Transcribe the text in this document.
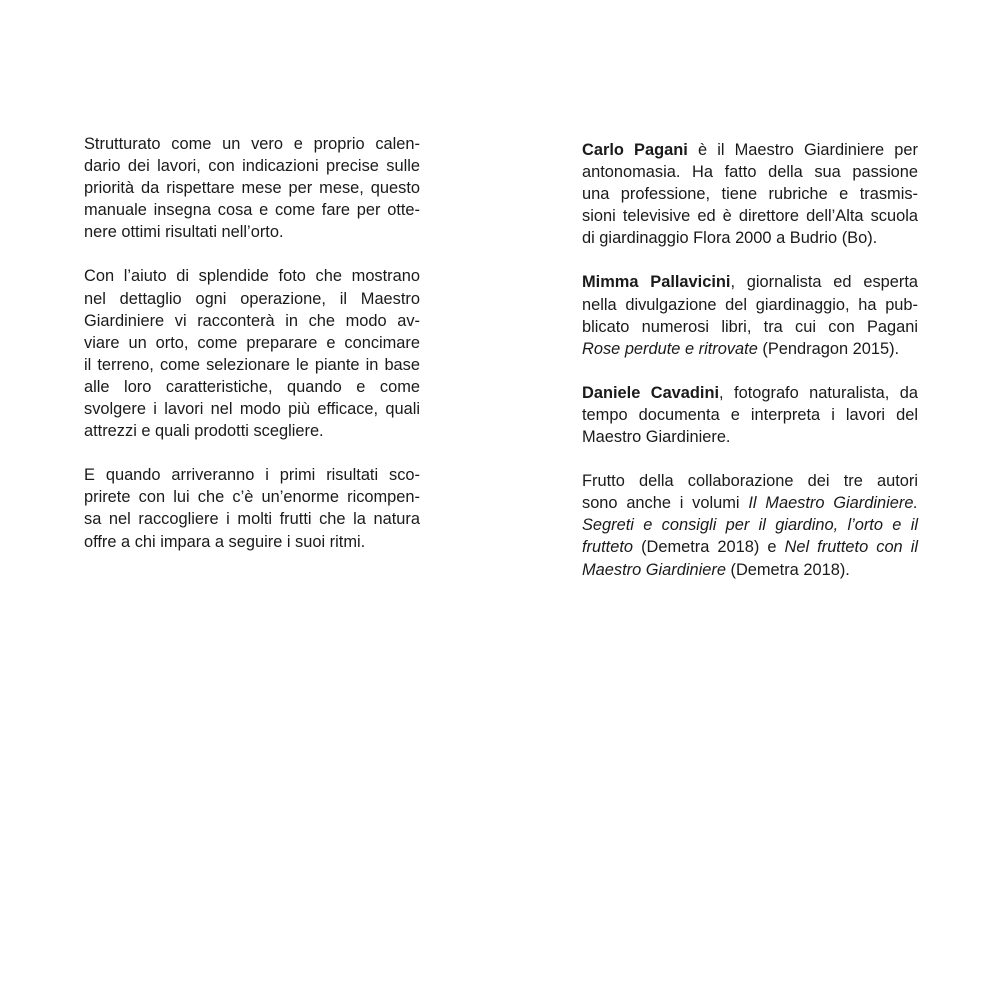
Strutturato come un vero e proprio calen-
dario dei lavori, con indicazioni precise sulle
priorità da rispettare mese per mese, questo
manuale insegna cosa e come fare per otte-
nere ottimi risultati nell’orto.

Con l’aiuto di splendide foto che mostrano
nel dettaglio ogni operazione, il Maestro
Giardiniere vi racconterà in che modo av-
viare un orto, come preparare e concimare
il terreno, come selezionare le piante in base
alle loro caratteristiche, quando e come
svolgere i lavori nel modo più efficace, quali
attrezzi e quali prodotti scegliere.

E quando arriveranno i primi risultati sco-
prirete con lui che c’è un’enorme ricompen-
sa nel raccogliere i molti frutti che la natura
offre a chi impara a seguire i suoi ritmi.

Carlo Pagani è il Maestro Giardiniere per
antonomasia. Ha fatto della sua passione
una professione, tiene rubriche e trasmis-
sioni televisive ed è direttore dell’Alta scuola
di giardinaggio Flora 2000 a Budrio (Bo).

Mimma Pallavicini, giornalista ed esperta
nella divulgazione del giardinaggio, ha pub-
blicato numerosi libri, tra cui con Pagani
Rose perdute e ritrovate (Pendragon 2015).

Daniele Cavadini, fotografo naturalista, da
tempo documenta e interpreta i lavori del
Maestro Giardiniere.

Frutto della collaborazione dei tre autori
sono anche i volumi Il Maestro Giardiniere.
Segreti e consigli per il giardino, l’orto e il
frutteto (Demetra 2018) e Nel frutteto con il
Maestro Giardiniere (Demetra 2018).
